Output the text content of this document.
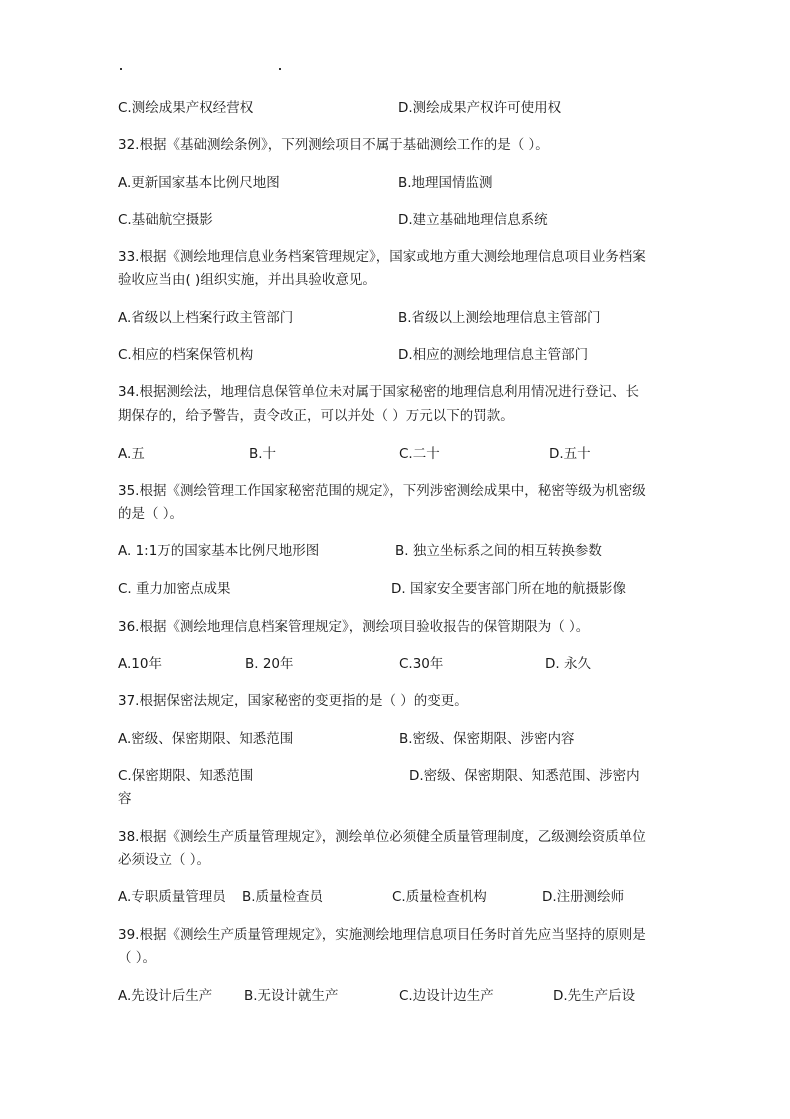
C.测绘成果产权经营权	D.测绘成果产权许可使用权
32.根据《基础测绘条例》，下列测绘项目不属于基础测绘工作的是（ ）。
A.更新国家基本比例尺地图	B.地理国情监测
C.基础航空摄影	D.建立基础地理信息系统
33.根据《测绘地理信息业务档案管理规定》，国家或地方重大测绘地理信息项目业务档案
验收应当由( )组织实施，并出具验收意见。
A.省级以上档案行政主管部门	B.省级以上测绘地理信息主管部门
C.相应的档案保管机构	D.相应的测绘地理信息主管部门
34.根据测绘法，地理信息保管单位未对属于国家秘密的地理信息利用情况进行登记、长
期保存的，给予警告，责令改正，可以并处（ ）万元以下的罚款。
A.五	B.十	C.二十	D.五十
35.根据《测绘管理工作国家秘密范围的规定》，下列涉密测绘成果中，秘密等级为机密级
的是（ ）。
A. 1:1万的国家基本比例尺地形图	B. 独立坐标系之间的相互转换参数
C. 重力加密点成果	D. 国家安全要害部门所在地的航摄影像
36.根据《测绘地理信息档案管理规定》，测绘项目验收报告的保管期限为（ ）。
A.10年	B. 20年	C.30年	D. 永久
37.根据保密法规定，国家秘密的变更指的是（ ）的变更。
A.密级、保密期限、知悉范围	B.密级、保密期限、涉密内容
C.保密期限、知悉范围	D.密级、保密期限、知悉范围、涉密内
容
38.根据《测绘生产质量管理规定》，测绘单位必须健全质量管理制度，乙级测绘资质单位
必须设立（ ）。
A.专职质量管理员 B.质量检查员	C.质量检查机构	D.注册测绘师
39.根据《测绘生产质量管理规定》，实施测绘地理信息项目任务时首先应当坚持的原则是
（ ）。
A.先设计后生产 B.无设计就生产	C.边设计边生产	D.先生产后设
